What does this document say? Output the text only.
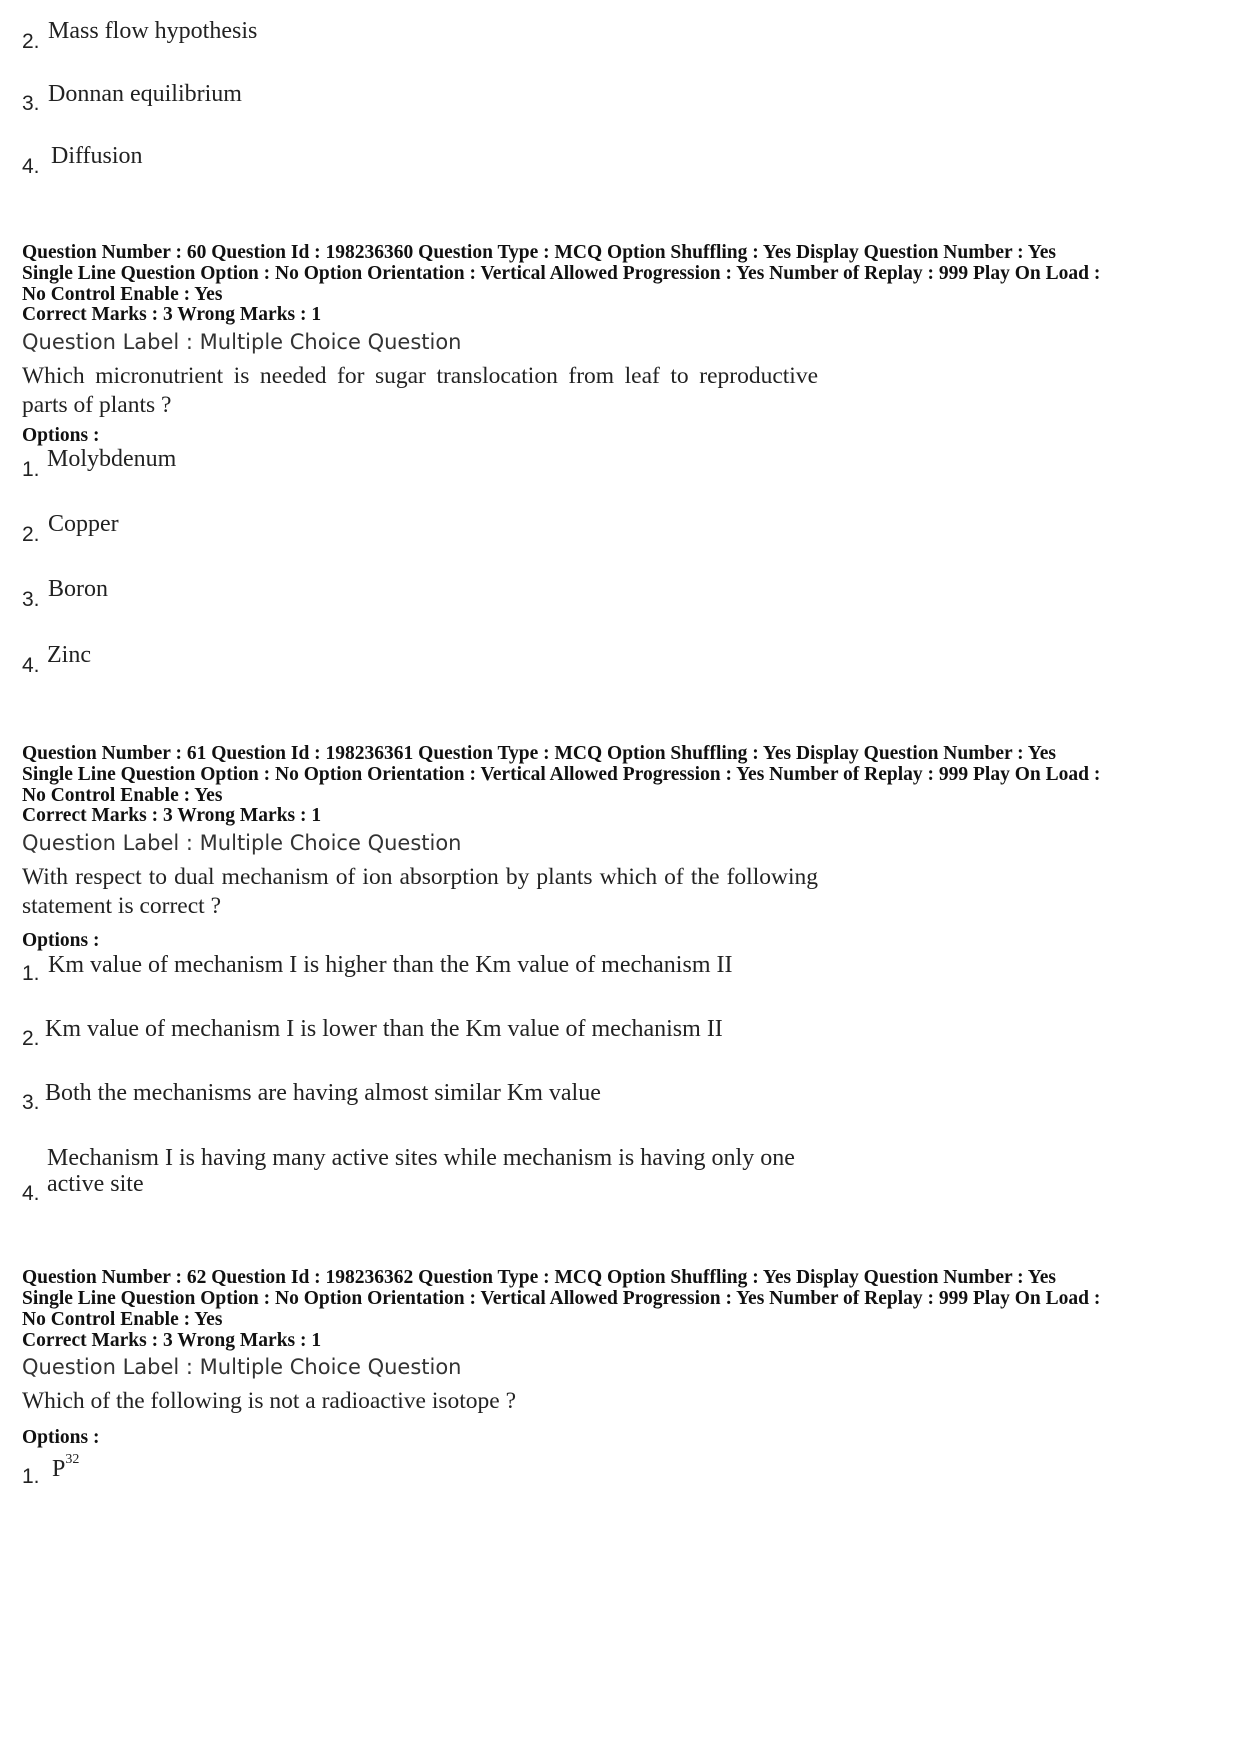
2. Mass flow hypothesis
3. Donnan equilibrium
4. Diffusion
Question Number : 60 Question Id : 198236360 Question Type : MCQ Option Shuffling : Yes Display Question Number : Yes
Single Line Question Option : No Option Orientation : Vertical Allowed Progression : Yes Number of Replay : 999 Play On Load :
No Control Enable : Yes
Correct Marks : 3 Wrong Marks : 1
Question Label : Multiple Choice Question
Which micronutrient is needed for sugar translocation from leaf to reproductive parts of plants ?
Options :
1. Molybdenum
2. Copper
3. Boron
4. Zinc
Question Number : 61 Question Id : 198236361 Question Type : MCQ Option Shuffling : Yes Display Question Number : Yes
Single Line Question Option : No Option Orientation : Vertical Allowed Progression : Yes Number of Replay : 999 Play On Load :
No Control Enable : Yes
Correct Marks : 3 Wrong Marks : 1
Question Label : Multiple Choice Question
With respect to dual mechanism of ion absorption by plants which of the following statement is correct ?
Options :
1. Km value of mechanism I is higher than the Km value of mechanism II
2. Km value of mechanism I is lower than the Km value of mechanism II
3. Both the mechanisms are having almost similar Km value
4.
Mechanism I is having many active sites while mechanism is having only one active site
Question Number : 62 Question Id : 198236362 Question Type : MCQ Option Shuffling : Yes Display Question Number : Yes
Single Line Question Option : No Option Orientation : Vertical Allowed Progression : Yes Number of Replay : 999 Play On Load :
No Control Enable : Yes
Correct Marks : 3 Wrong Marks : 1
Question Label : Multiple Choice Question
Which of the following is not a radioactive isotope ?
Options :
1. $P^{32}$
